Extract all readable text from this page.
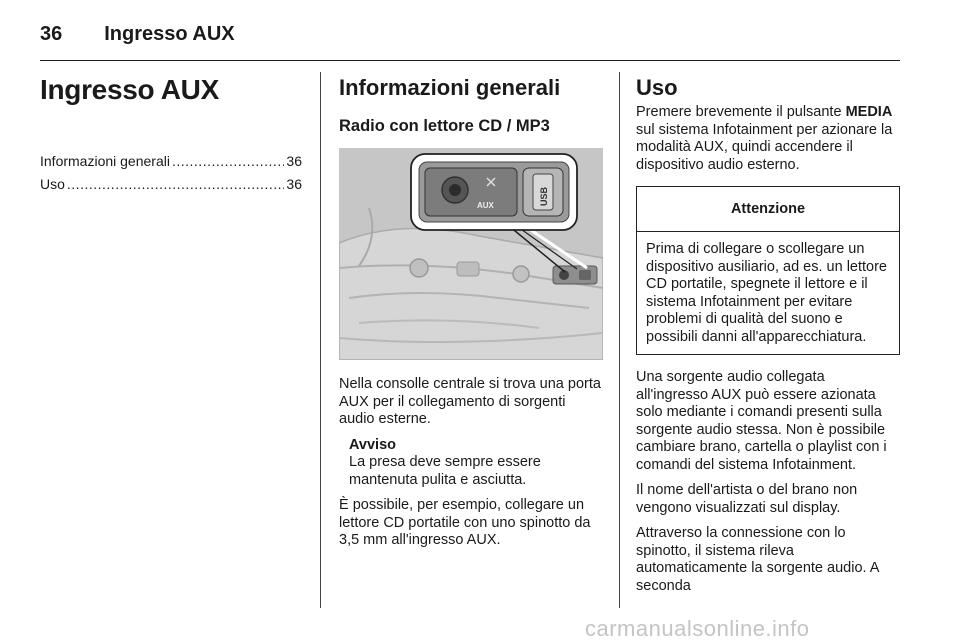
36 Ingresso AUX
Ingresso AUX
Informazioni generali .....	36
Uso .....	36
Informazioni generali
Radio con lettore CD / MP3
AUX	USB

Nella consolle centrale si trova una porta AUX per il collegamento di sorgenti audio esterne.

Avviso

La presa deve sempre essere mantenuta pulita e asciutta.

È possibile, per esempio, collegare un lettore CD portatile con uno spinotto da 3,5 mm all'ingresso AUX.

Uso

Premere brevemente il pulsante MEDIA sul sistema Infotainment per azionare la modalità AUX, quindi accendere il dispositivo audio esterno.

Attenzione
Prima di collegare o scollegare un dispositivo ausiliario, ad es. un lettore CD portatile, spegnete il lettore e il sistema Infotainment per evitare problemi di qualità del suono e possibili danni all'apparecchiatura.

Una sorgente audio collegata all'ingresso AUX può essere azionata solo mediante i comandi presenti sulla sorgente audio stessa. Non è possibile cambiare brano, cartella o playlist con i comandi del sistema Infotainment.

Il nome dell'artista o del brano non vengono visualizzati sul display.

Attraverso la connessione con lo spinotto, il sistema rileva automaticamente la sorgente audio. A seconda

carmanualsonline.info
